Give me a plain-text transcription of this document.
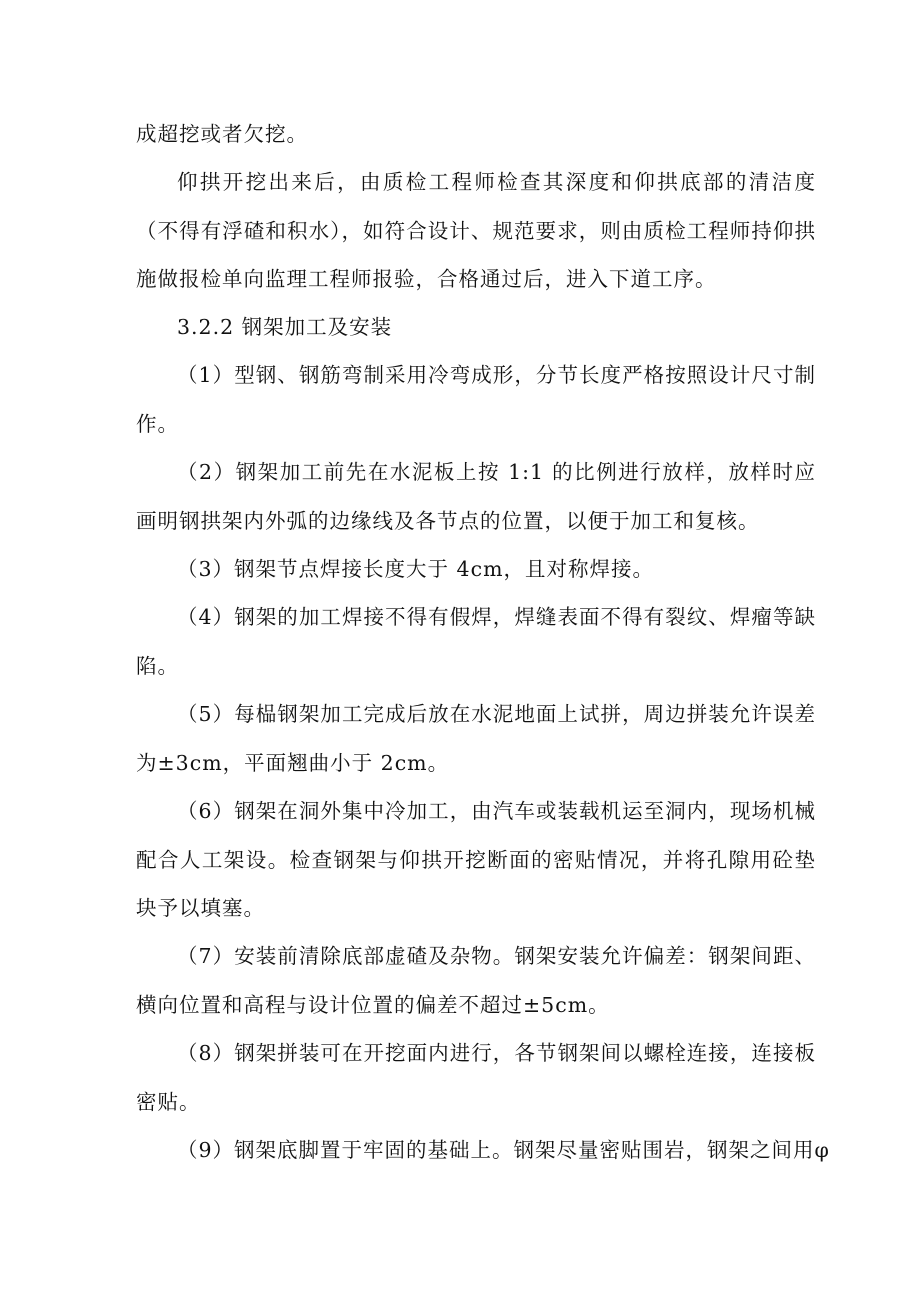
成超挖或者欠挖。

仰拱开挖出来后，由质检工程师检查其深度和仰拱底部的清洁度（不得有浮碴和积水），如符合设计、规范要求，则由质检工程师持仰拱施做报检单向监理工程师报验，合格通过后，进入下道工序。

3.2.2 钢架加工及安装

（1）型钢、钢筋弯制采用冷弯成形，分节长度严格按照设计尺寸制作。

（2）钢架加工前先在水泥板上按 1:1 的比例进行放样，放样时应画明钢拱架内外弧的边缘线及各节点的位置，以便于加工和复核。

（3）钢架节点焊接长度大于 4cm，且对称焊接。

（4）钢架的加工焊接不得有假焊，焊缝表面不得有裂纹、焊瘤等缺陷。

（5）每榀钢架加工完成后放在水泥地面上试拼，周边拼装允许误差为±3cm，平面翘曲小于 2cm。

（6）钢架在洞外集中冷加工，由汽车或装载机运至洞内，现场机械配合人工架设。检查钢架与仰拱开挖断面的密贴情况，并将孔隙用砼垫块予以填塞。

（7）安装前清除底部虚碴及杂物。钢架安装允许偏差：钢架间距、横向位置和高程与设计位置的偏差不超过±5cm。

（8）钢架拼装可在开挖面内进行，各节钢架间以螺栓连接，连接板密贴。

（9）钢架底脚置于牢固的基础上。钢架尽量密贴围岩，钢架之间用φ
